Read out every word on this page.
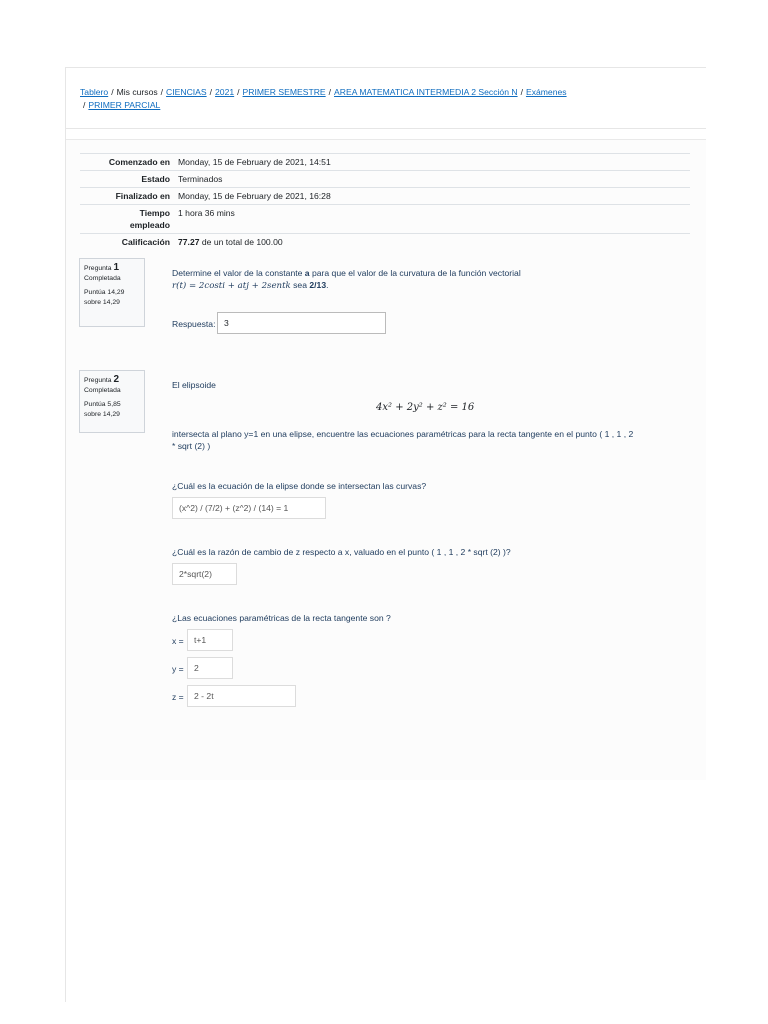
Tablero / Mis cursos / CIENCIAS / 2021 / PRIMER SEMESTRE / AREA MATEMATICA INTERMEDIA 2 Sección N / Exámenes
/ PRIMER PARCIAL
Comenzado en	Monday, 15 de February de 2021, 14:51
Estado	Terminados
Finalizado en	Monday, 15 de February de 2021, 16:28
Tiempo
empleado	1 hora 36 mins
Calificación	77.27 de un total de 100.00
Pregunta 1
Completada
Puntúa 14,29
sobre 14,29
Determine el valor de la constante a para que el valor de la curvatura de la función vectorial
r(t) = 2costi + atj + 2sentk sea 2/13.
Respuesta: 3
Pregunta 2
Completada
Puntúa 5,85
sobre 14,29
El elipsoide
4x² + 2y² + z² = 16
intersecta al plano y=1 en una elipse, encuentre las ecuaciones paramétricas para la recta tangente en el punto ( 1 , 1 , 2
* sqrt (2) )
¿Cuál es la ecuación de la elipse donde se intersectan las curvas?
(x^2) / (7/2) + (z^2) / (14) = 1
¿Cuál es la razón de cambio de z respecto a x, valuado en el punto ( 1 , 1 , 2 * sqrt (2) )?
2*sqrt(2)
¿Las ecuaciones paramétricas de la recta tangente son ?
x =	t+1
y =	2
z =	2 - 2t
